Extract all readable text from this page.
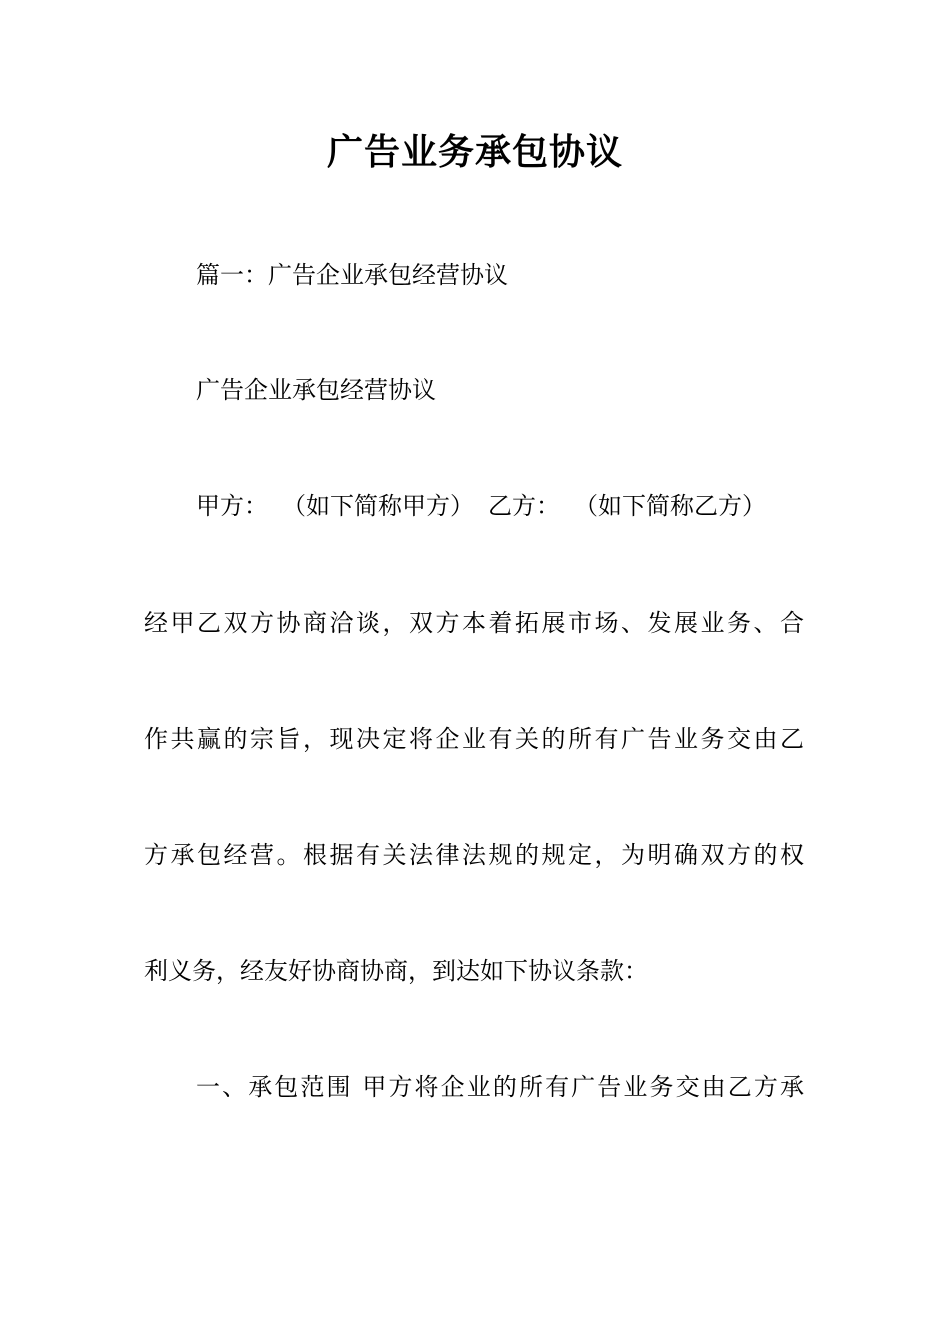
广告业务承包协议
篇一：广告企业承包经营协议
广告企业承包经营协议
甲方： （如下简称甲方） 乙方： （如下简称乙方）
经甲乙双方协商洽谈，双方本着拓展市场、发展业务、合
作共赢的宗旨，现决定将企业有关的所有广告业务交由乙
方承包经营。根据有关法律法规的规定，为明确双方的权
利义务，经友好协商协商，到达如下协议条款：
一、承包范围 甲方将企业的所有广告业务交由乙方承
